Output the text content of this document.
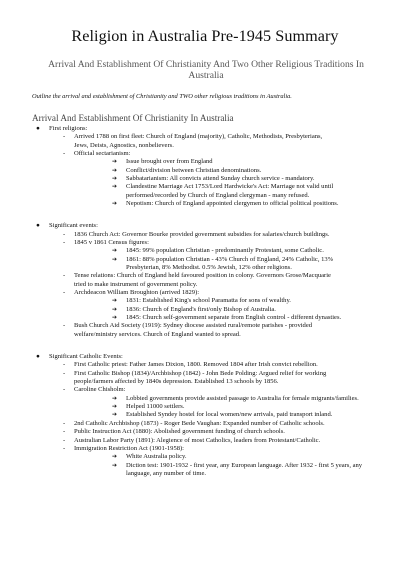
Religion in Australia Pre-1945 Summary
Arrival And Establishment Of Christianity And Two Other Religious Traditions In Australia
Outline the arrival and establishment of Christianity and TWO other religious traditions in Australia.
Arrival And Establishment Of Christianity In Australia
● First religions:
- Arrived 1788 on first fleet: Church of England (majority), Catholic, Methodists, Presbyterians,
Jews, Deists, Agnostics, nonbelievers.
- Official sectarianism:
➔ Issue brought over from England
➔ Conflict/division between Christian denominations.
➔ Sabbatarianism: All convicts attend Sunday church service - mandatory.
➔ Clandestine Marriage Act 1753/Lord Hardwicke's Act: Marriage not valid until
performed/recorded by Church of England clergyman - many refused.
➔ Nepotism: Church of England appointed clergymen to official political positions.
● Significant events:
- 1836 Church Act: Governor Bourke provided government subsidies for salaries/church buildings.
- 1845 v 1861 Census figures:
➔ 1845: 99% population Christian - predominantly Protestant, some Catholic.
➔ 1861: 88% population Christian - 43% Church of England, 24% Catholic, 13%
Presbyterian, 8% Methodist. 0.5% Jewish, 12% other religions.
- Tense relations: Church of England held favoured position in colony. Governors Grose/Macquarie
tried to make instrument of government policy.
- Archdeacon William Broughton (arrived 1829):
➔ 1831: Established King's school Paramatta for sons of wealthy.
➔ 1836: Church of England's first/only Bishop of Australia.
➔ 1845: Church self-government separate from English control - different dynasties.
- Bush Church Aid Society (1919): Sydney diocese assisted rural/remote parishes - provided
welfare/ministry services. Church of England wanted to spread.
● Significant Catholic Events:
- First Catholic priest: Father James Dixion, 1800. Removed 1804 after Irish convict rebellion.
- First Catholic Bishop (1834)/Archbishop (1842) - John Bede Polding: Argued relief for working
people/farmers affected by 1840s depression. Established 13 schools by 1856.
- Caroline Chisholm:
➔ Lobbied governments provide assisted passage to Australia for female migrants/families.
➔ Helped 11000 settlers.
➔ Established Syndey hostel for local women/new arrivals, paid transport inland.
- 2nd Catholic Archbishop (1873) - Roger Bede Vaughan: Expanded number of Catholic schools.
- Public Instruction Act (1880): Abolished government funding of church schools.
- Australian Labor Party (1891): Alegience of most Catholics, leaders from Protestant/Catholic.
- Immigration Restriction Act (1901-1958):
➔ White Australia policy.
➔ Diction test: 1901-1932 - first year, any European language. After 1932 - first 5 years, any
language, any number of time.
